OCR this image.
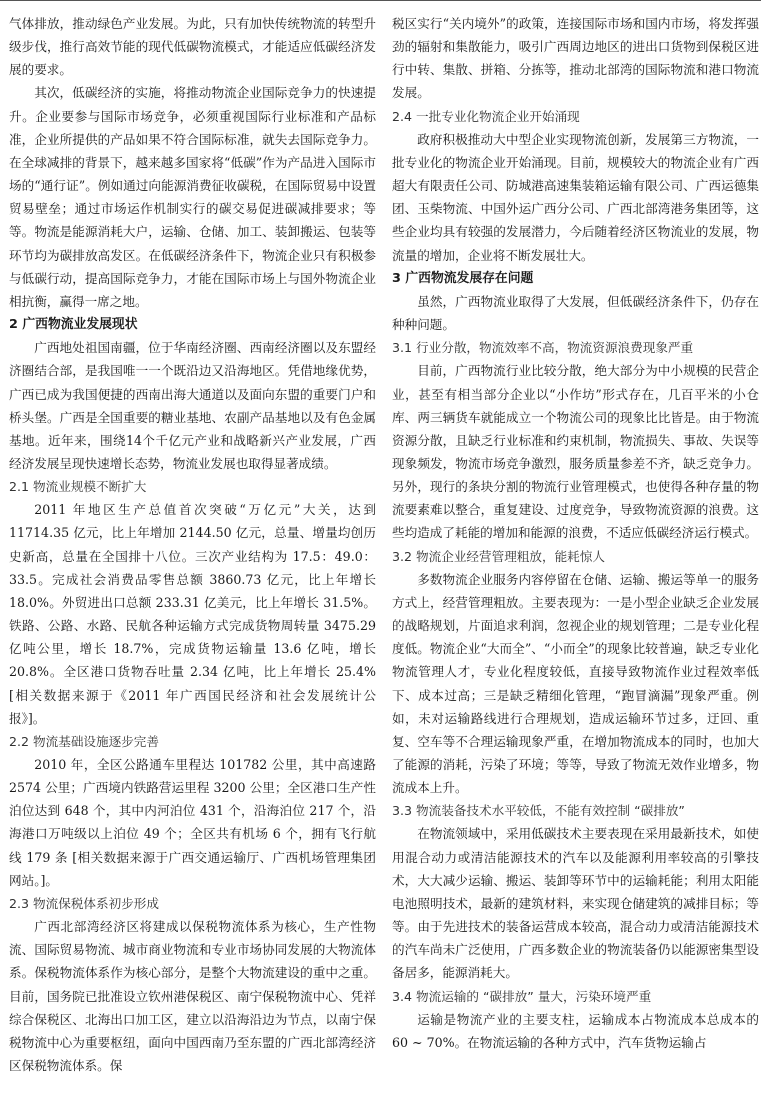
气体排放，推动绿色产业发展。为此，只有加快传统物流的转型升级步伐，推行高效节能的现代低碳物流模式，才能适应低碳经济发展的要求。

其次，低碳经济的实施，将推动物流企业国际竞争力的快速提升。企业要参与国际市场竞争，必须重视国际行业标准和产品标准，企业所提供的产品如果不符合国际标准，就失去国际竞争力。在全球减排的背景下，越来越多国家将“低碳”作为产品进入国际市场的“通行证”。例如通过向能源消费征收碳税，在国际贸易中设置贸易壁垒；通过市场运作机制实行的碳交易促进碳减排要求；等等。物流是能源消耗大户，运输、仓储、加工、装卸搬运、包装等环节均为碳排放高发区。在低碳经济条件下，物流企业只有积极参与低碳行动，提高国际竞争力，才能在国际市场上与国外物流企业相抗衡，赢得一席之地。

2 广西物流业发展现状

广西地处祖国南疆，位于华南经济圈、西南经济圈以及东盟经济圈结合部，是我国唯一一个既沿边又沿海地区。凭借地缘优势，广西已成为我国便捷的西南出海大通道以及面向东盟的重要门户和桥头堡。广西是全国重要的糖业基地、农副产品基地以及有色金属基地。近年来，围绕14个千亿元产业和战略新兴产业发展，广西经济发展呈现快速增长态势，物流业发展也取得显著成绩。

2.1 物流业规模不断扩大

2011 年地区生产总值首次突破“万亿元”大关，达到 11714.35 亿元，比上年增加 2144.50 亿元，总量、增量均创历史新高，总量在全国排十八位。三次产业结构为 17.5：49.0：33.5。完成社会消费品零售总额 3860.73 亿元，比上年增长 18.0%。外贸进出口总额 233.31 亿美元，比上年增长 31.5%。铁路、公路、水路、民航各种运输方式完成货物周转量 3475.29 亿吨公里，增长 18.7%，完成货物运输量 13.6 亿吨，增长 20.8%。全区港口货物吞吐量 2.34 亿吨，比上年增长 25.4% [相关数据来源于《2011 年广西国民经济和社会发展统计公报》]。

2.2 物流基础设施逐步完善

2010 年，全区公路通车里程达 101782 公里，其中高速路 2574 公里；广西境内铁路营运里程 3200 公里；全区港口生产性泊位达到 648 个，其中内河泊位 431 个，沿海泊位 217 个，沿海港口万吨级以上泊位 49 个；全区共有机场 6 个，拥有飞行航线 179 条 [相关数据来源于广西交通运输厅、广西机场管理集团网站。]。

2.3 物流保税体系初步形成

广西北部湾经济区将建成以保税物流体系为核心，生产性物流、国际贸易物流、城市商业物流和专业市场协同发展的大物流体系。保税物流体系作为核心部分，是整个大物流建设的重中之重。目前，国务院已批准设立钦州港保税区、南宁保税物流中心、凭祥综合保税区、北海出口加工区，建立以沿海沿边为节点，以南宁保税物流中心为重要枢纽，面向中国西南乃至东盟的广西北部湾经济区保税物流体系。保

税区实行“关内境外”的政策，连接国际市场和国内市场，将发挥强劲的辐射和集散能力，吸引广西周边地区的进出口货物到保税区进行中转、集散、拼箱、分拣等，推动北部湾的国际物流和港口物流发展。

2.4 一批专业化物流企业开始涌现

政府积极推动大中型企业实现物流创新，发展第三方物流，一批专业化的物流企业开始涌现。目前，规模较大的物流企业有广西超大有限责任公司、防城港高速集装箱运输有限公司、广西运德集团、玉柴物流、中国外运广西分公司、广西北部湾港务集团等，这些企业均具有较强的发展潜力，今后随着经济区物流业的发展，物流量的增加，企业将不断发展壮大。

3 广西物流发展存在问题

虽然，广西物流业取得了大发展，但低碳经济条件下，仍存在种种问题。

3.1 行业分散，物流效率不高，物流资源浪费现象严重

目前，广西物流行业比较分散，绝大部分为中小规模的民营企业，甚至有相当部分企业以“小作坊”形式存在，几百平米的小仓库、两三辆货车就能成立一个物流公司的现象比比皆是。由于物流资源分散，且缺乏行业标准和约束机制，物流损失、事故、失误等现象频发，物流市场竞争激烈，服务质量参差不齐，缺乏竞争力。另外，现行的条块分割的物流行业管理模式，也使得各种存量的物流要素难以整合，重复建设、过度竞争，导致物流资源的浪费。这些均造成了耗能的增加和能源的浪费，不适应低碳经济运行模式。

3.2 物流企业经营管理粗放，能耗惊人

多数物流企业服务内容停留在仓储、运输、搬运等单一的服务方式上，经营管理粗放。主要表现为：一是小型企业缺乏企业发展的战略规划，片面追求利润，忽视企业的规划管理；二是专业化程度低。物流企业“大而全”、“小而全”的现象比较普遍，缺乏专业化物流管理人才，专业化程度较低，直接导致物流作业过程效率低下、成本过高；三是缺乏精细化管理，“跑冒滴漏”现象严重。例如，未对运输路线进行合理规划，造成运输环节过多，迂回、重复、空车等不合理运输现象严重，在增加物流成本的同时，也加大了能源的消耗，污染了环境；等等，导致了物流无效作业增多，物流成本上升。

3.3 物流装备技术水平较低，不能有效控制 “碳排放”

在物流领域中，采用低碳技术主要表现在采用最新技术，如使用混合动力或清洁能源技术的汽车以及能源利用率较高的引擎技术，大大减少运输、搬运、装卸等环节中的运输耗能；利用太阳能电池照明技术，最新的建筑材料，来实现仓储建筑的减排目标；等等。由于先进技术的装备运营成本较高，混合动力或清洁能源技术的汽车尚未广泛使用，广西多数企业的物流装备仍以能源密集型设备居多，能源消耗大。

3.4 物流运输的 “碳排放” 量大，污染环境严重

运输是物流产业的主要支柱，运输成本占物流成本总成本的 60 ~ 70%。在物流运输的各种方式中，汽车货物运输占
